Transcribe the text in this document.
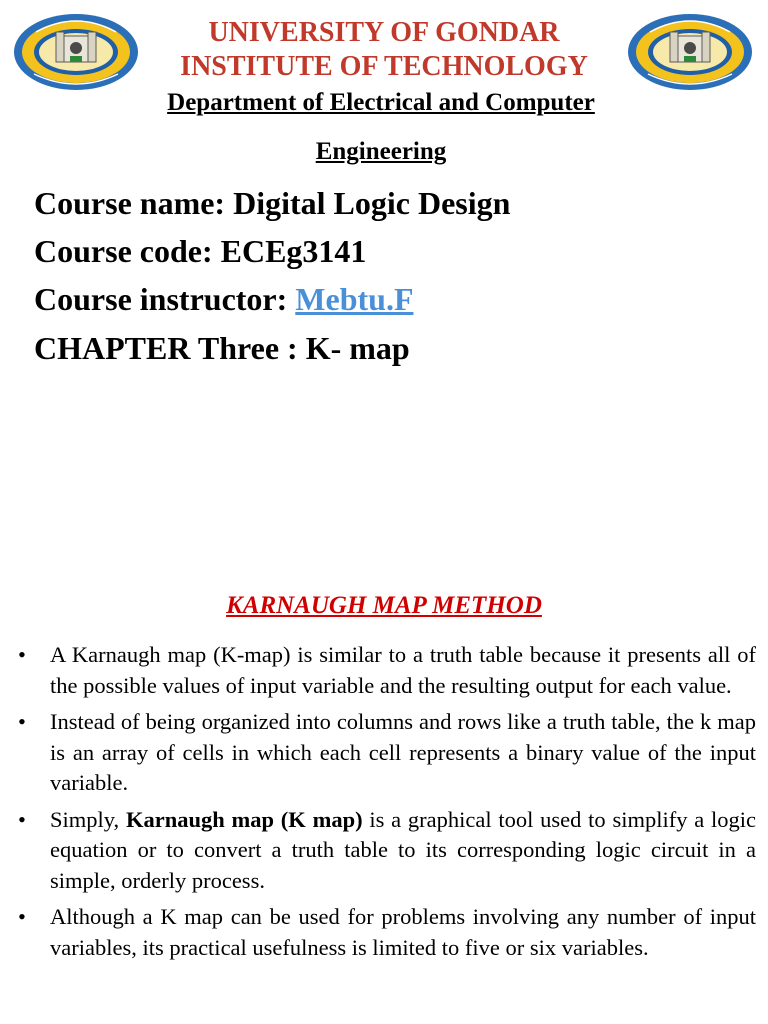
UNIVERSITY OF GONDAR
INSTITUTE OF TECHNOLOGY
Department of Electrical and Computer
Engineering
Course name: Digital Logic Design
Course code: ECEg3141
Course instructor: Mebtu.F
CHAPTER Three : K- map
KARNAUGH MAP METHOD
• A Karnaugh map (K-map) is similar to a truth table because it presents all of the possible values of input variable and the resulting output for each value.
• Instead of being organized into columns and rows like a truth table, the k map is an array of cells in which each cell represents a binary value of the input variable.
• Simply, Karnaugh map (K map) is a graphical tool used to simplify a logic equation or to convert a truth table to its corresponding logic circuit in a simple, orderly process.
• Although a K map can be used for problems involving any number of input variables, its practical usefulness is limited to five or six variables.
